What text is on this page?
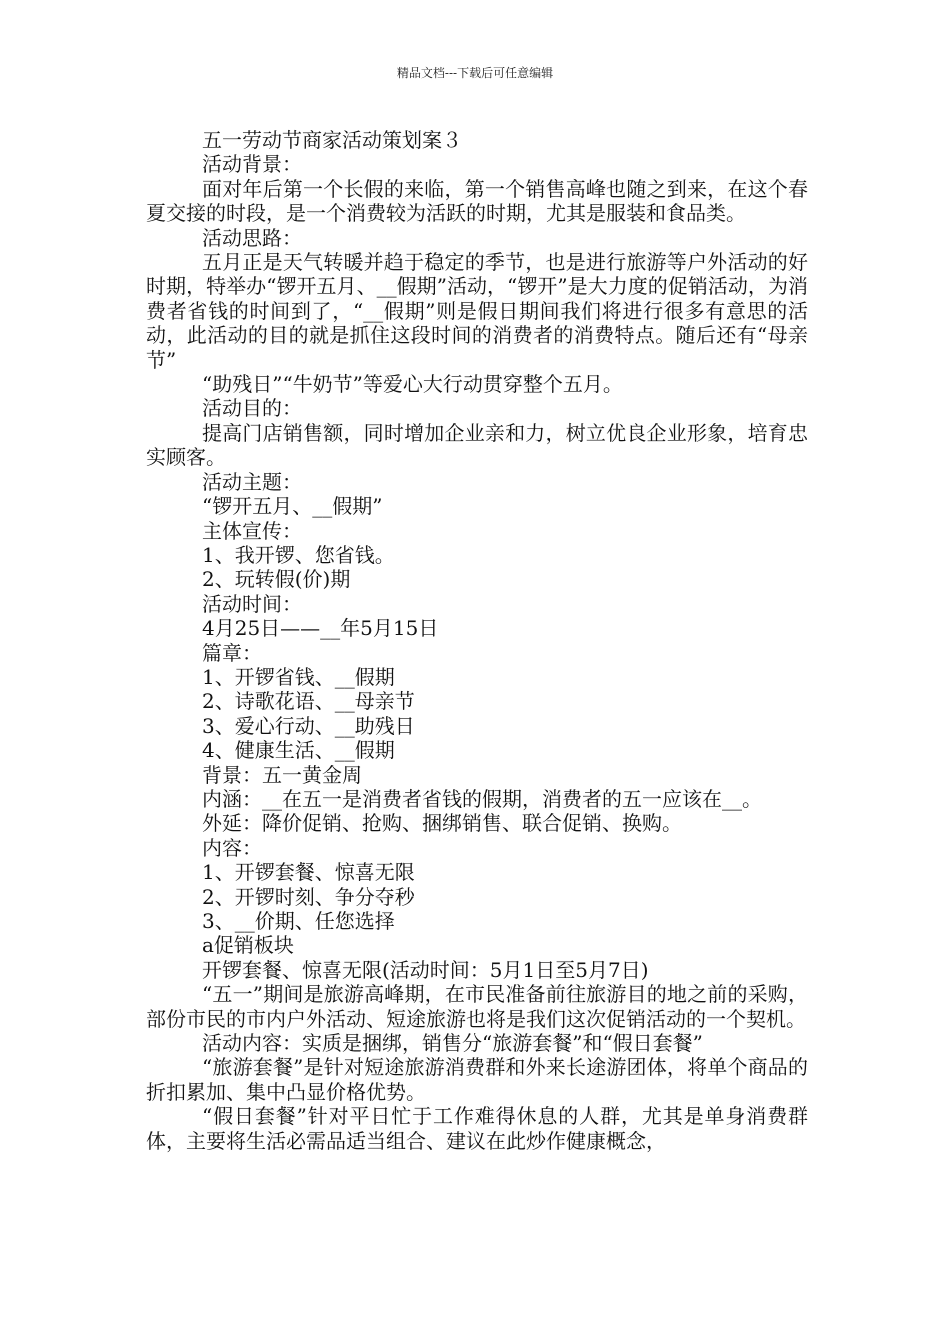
精品文档---下载后可任意编辑

五一劳动节商家活动策划案３

活动背景：

面对年后第一个长假的来临，第一个销售高峰也随之到来，在这个春夏交接的时段，是一个消费较为活跃的时期，尤其是服装和食品类。

活动思路：

五月正是天气转暖并趋于稳定的季节，也是进行旅游等户外活动的好时期，特举办“锣开五月、__假期”活动，“锣开”是大力度的促销活动，为消费者省钱的时间到了，“__假期”则是假日期间我们将进行很多有意思的活动，此活动的目的就是抓住这段时间的消费者的消费特点。随后还有“母亲节”

“助残日”“牛奶节”等爱心大行动贯穿整个五月。

活动目的：

提高门店销售额，同时增加企业亲和力，树立优良企业形象，培育忠实顾客。

活动主题：

“锣开五月、__假期”

主体宣传：

1、我开锣、您省钱。

2、玩转假(价)期

活动时间：

4月25日——__年5月15日

篇章：

1、开锣省钱、__假期

2、诗歌花语、__母亲节

3、爱心行动、__助残日

4、健康生活、__假期

背景：五一黄金周

内涵：__在五一是消费者省钱的假期，消费者的五一应该在__。

外延：降价促销、抢购、捆绑销售、联合促销、换购。

内容：

1、开锣套餐、惊喜无限

2、开锣时刻、争分夺秒

3、__价期、任您选择

a促销板块

开锣套餐、惊喜无限(活动时间：5月1日至5月7日)

“五一”期间是旅游高峰期，在市民准备前往旅游目的地之前的采购，部份市民的市内户外活动、短途旅游也将是我们这次促销活动的一个契机。

活动内容：实质是捆绑，销售分“旅游套餐”和“假日套餐”

“旅游套餐”是针对短途旅游消费群和外来长途游团体，将单个商品的折扣累加、集中凸显价格优势。

“假日套餐”针对平日忙于工作难得休息的人群，尤其是单身消费群体，主要将生活必需品适当组合、建议在此炒作健康概念，
